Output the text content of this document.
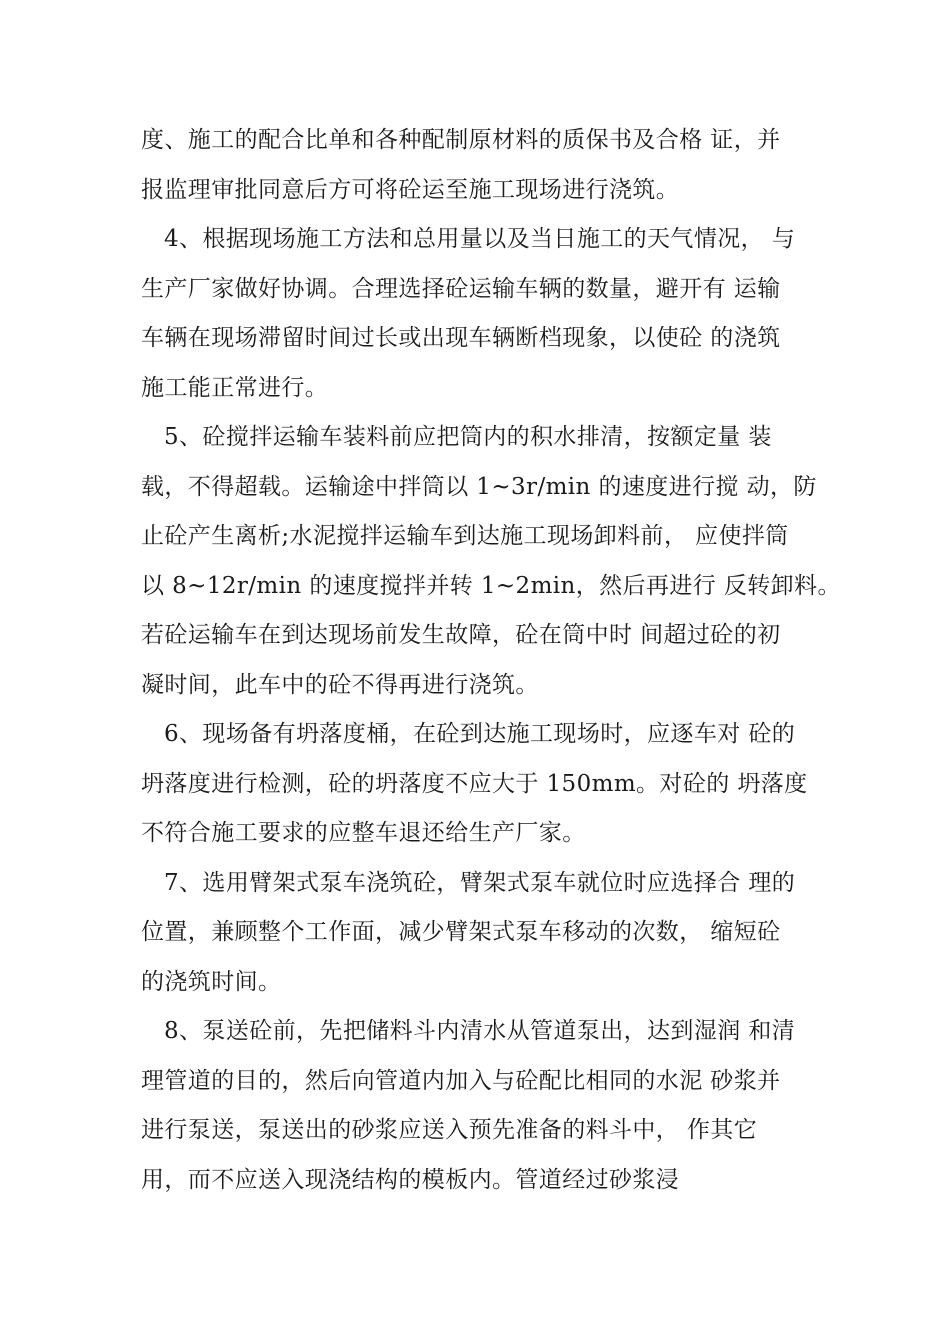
度、施工的配合比单和各种配制原材料的质保书及合格 证，并
报监理审批同意后方可将砼运至施工现场进行浇筑。

4、根据现场施工方法和总用量以及当日施工的天气情况， 与
生产厂家做好协调。合理选择砼运输车辆的数量，避开有 运输
车辆在现场滞留时间过长或出现车辆断档现象，以使砼 的浇筑
施工能正常进行。

5、砼搅拌运输车装料前应把筒内的积水排清，按额定量 装
载，不得超载。运输途中拌筒以 1~3r/min 的速度进行搅 动，防
止砼产生离析;水泥搅拌运输车到达施工现场卸料前， 应使拌筒
以 8~12r/min 的速度搅拌并转 1~2min，然后再进行 反转卸料。
若砼运输车在到达现场前发生故障，砼在筒中时 间超过砼的初
凝时间，此车中的砼不得再进行浇筑。

6、现场备有坍落度桶，在砼到达施工现场时，应逐车对 砼的
坍落度进行检测，砼的坍落度不应大于 150mm。对砼的 坍落度
不符合施工要求的应整车退还给生产厂家。

7、选用臂架式泵车浇筑砼，臂架式泵车就位时应选择合 理的
位置，兼顾整个工作面，减少臂架式泵车移动的次数， 缩短砼
的浇筑时间。

8、泵送砼前，先把储料斗内清水从管道泵出，达到湿润 和清
理管道的目的，然后向管道内加入与砼配比相同的水泥 砂浆并
进行泵送，泵送出的砂浆应送入预先准备的料斗中， 作其它
用，而不应送入现浇结构的模板内。管道经过砂浆浸
